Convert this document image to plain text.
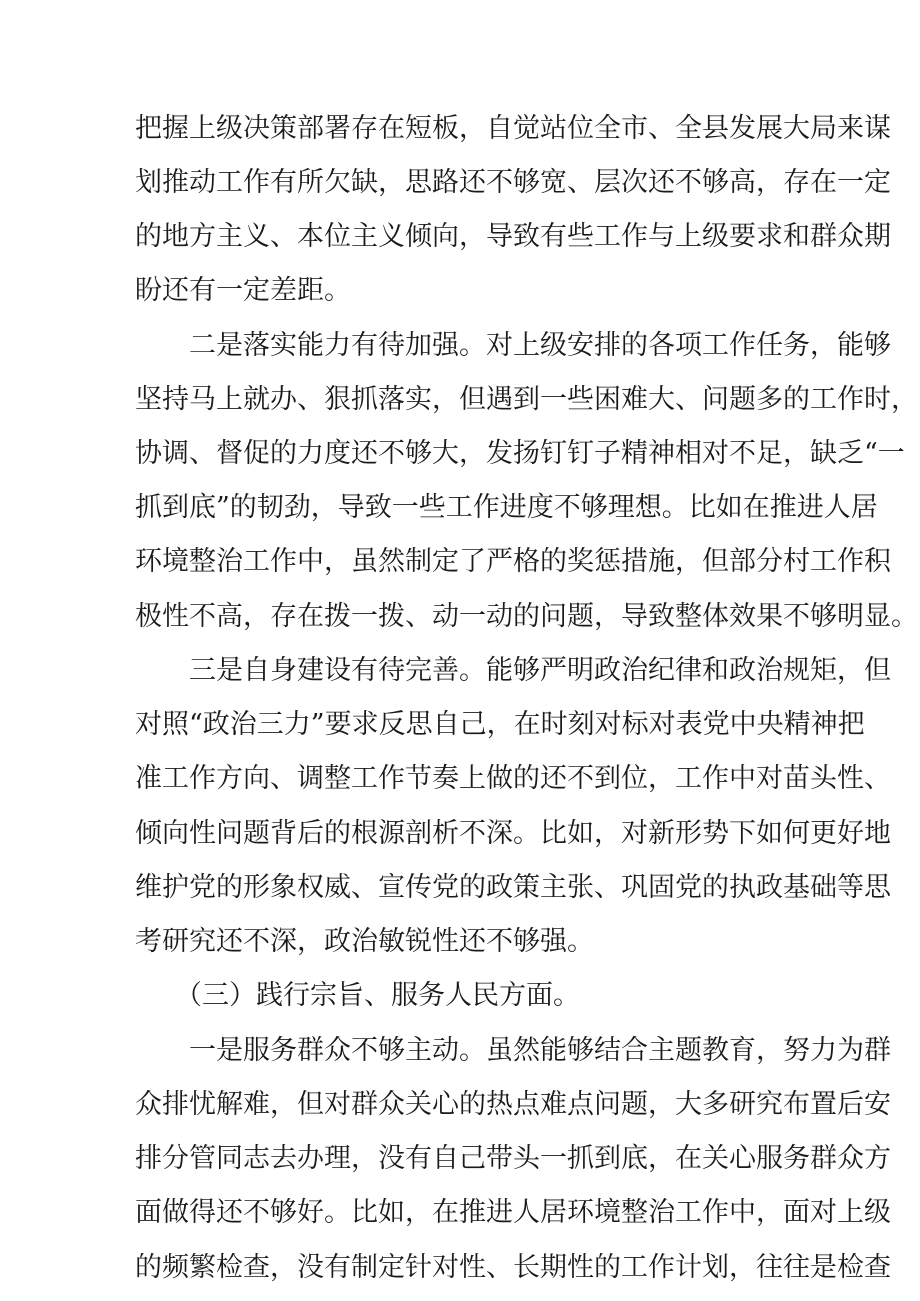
把握上级决策部署存在短板，自觉站位全市、全县发展大局来谋
划推动工作有所欠缺，思路还不够宽、层次还不够高，存在一定
的地方主义、本位主义倾向，导致有些工作与上级要求和群众期
盼还有一定差距。
二是落实能力有待加强。对上级安排的各项工作任务，能够
坚持马上就办、狠抓落实，但遇到一些困难大、问题多的工作时，
协调、督促的力度还不够大，发扬钉钉子精神相对不足，缺乏“一
抓到底”的韧劲，导致一些工作进度不够理想。比如在推进人居
环境整治工作中，虽然制定了严格的奖惩措施，但部分村工作积
极性不高，存在拨一拨、动一动的问题，导致整体效果不够明显。
三是自身建设有待完善。能够严明政治纪律和政治规矩，但
对照“政治三力”要求反思自己，在时刻对标对表党中央精神把
准工作方向、调整工作节奏上做的还不到位，工作中对苗头性、
倾向性问题背后的根源剖析不深。比如，对新形势下如何更好地
维护党的形象权威、宣传党的政策主张、巩固党的执政基础等思
考研究还不深，政治敏锐性还不够强。
（三）践行宗旨、服务人民方面。
一是服务群众不够主动。虽然能够结合主题教育，努力为群
众排忧解难，但对群众关心的热点难点问题，大多研究布置后安
排分管同志去办理，没有自己带头一抓到底，在关心服务群众方
面做得还不够好。比如，在推进人居环境整治工作中，面对上级
的频繁检查，没有制定针对性、长期性的工作计划，往往是检查
